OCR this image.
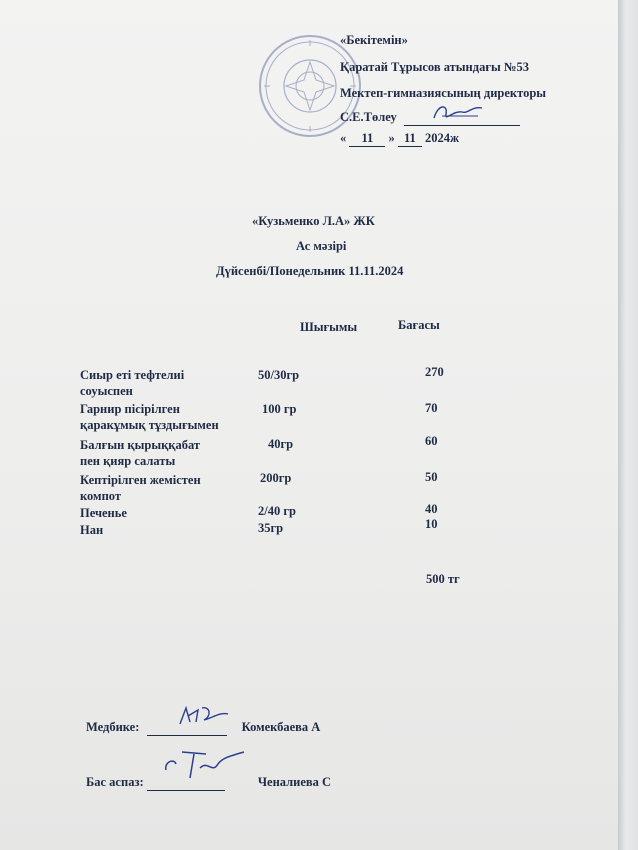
«Бекітемін»
Қаратай Тұрысов атындағы №53
Мектеп-гимназиясының директоры
С.Е.Төлеу
« 11 » 11 2024ж
«Кузьменко Л.А» ЖК
Ас мәзірі
Дүйсенбі/Понедельник 11.11.2024
Шығымы	Бағасы
Сиыр еті тефтелиі
соуыспен
50/30гр	270
Гарнир пісірілген
қаракұмық тұздығымен
100 гр	70
Балғын қырыққабат
пен қияр салаты
40гр	60
Кептірілген жемістен
компот
200гр	50
Печенье	2/40 гр	40
Нан	35гр	10
500 тг
Медбике:	Комекбаева А
Бас аспаз:	Ченалиева С
